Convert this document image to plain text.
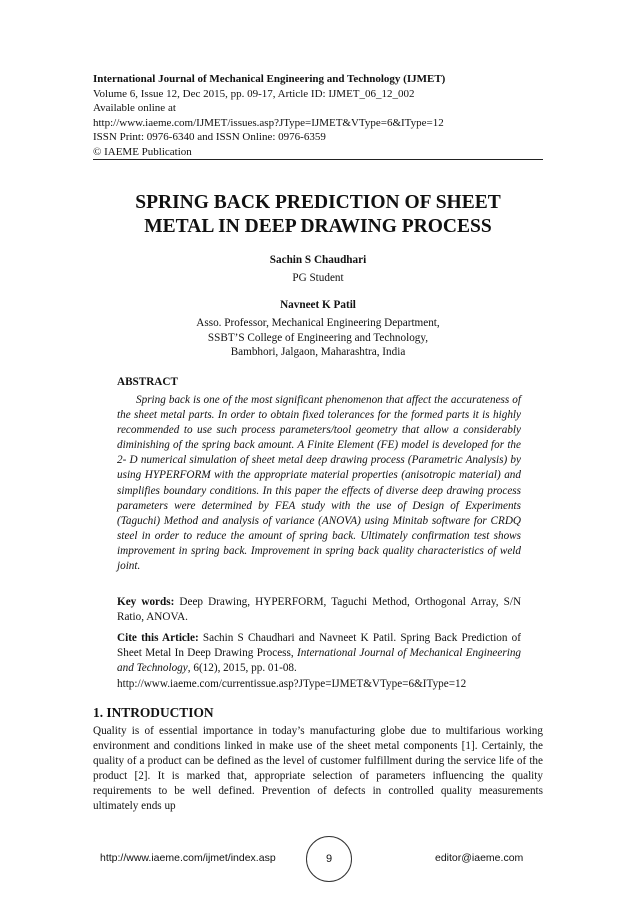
International Journal of Mechanical Engineering and Technology (IJMET)
Volume 6, Issue 12, Dec 2015, pp. 09-17, Article ID: IJMET_06_12_002
Available online at
http://www.iaeme.com/IJMET/issues.asp?JType=IJMET&VType=6&IType=12
ISSN Print: 0976-6340 and ISSN Online: 0976-6359
© IAEME Publication
SPRING BACK PREDICTION OF SHEET
METAL IN DEEP DRAWING PROCESS
Sachin S Chaudhari
PG Student
Navneet K Patil
Asso. Professor, Mechanical Engineering Department,
SSBT’S College of Engineering and Technology,
Bambhori, Jalgaon, Maharashtra, India
ABSTRACT
Spring back is one of the most significant phenomenon that affect the accurateness of the sheet metal parts. In order to obtain fixed tolerances for the formed parts it is highly recommended to use such process parameters/tool geometry that allow a considerably diminishing of the spring back amount. A Finite Element (FE) model is developed for the 2- D numerical simulation of sheet metal deep drawing process (Parametric Analysis) by using HYPERFORM with the appropriate material properties (anisotropic material) and simplifies boundary conditions. In this paper the effects of diverse deep drawing process parameters were determined by FEA study with the use of Design of Experiments (Taguchi) Method and analysis of variance (ANOVA) using Minitab software for CRDQ steel in order to reduce the amount of spring back. Ultimately confirmation test shows improvement in spring back. Improvement in spring back quality characteristics of weld joint.
Key words: Deep Drawing, HYPERFORM, Taguchi Method, Orthogonal Array, S/N Ratio, ANOVA.
Cite this Article: Sachin S Chaudhari and Navneet K Patil. Spring Back Prediction of Sheet Metal In Deep Drawing Process, International Journal of Mechanical Engineering and Technology, 6(12), 2015, pp. 01-08.
http://www.iaeme.com/currentissue.asp?JType=IJMET&VType=6&IType=12
1. INTRODUCTION
Quality is of essential importance in today’s manufacturing globe due to multifarious working environment and conditions linked in make use of the sheet metal components [1]. Certainly, the quality of a product can be defined as the level of customer fulfillment during the service life of the product [2]. It is marked that, appropriate selection of parameters influencing the quality requirements to be well defined. Prevention of defects in controlled quality measurements ultimately ends up
http://www.iaeme.com/ijmet/index.asp	9	editor@iaeme.com
